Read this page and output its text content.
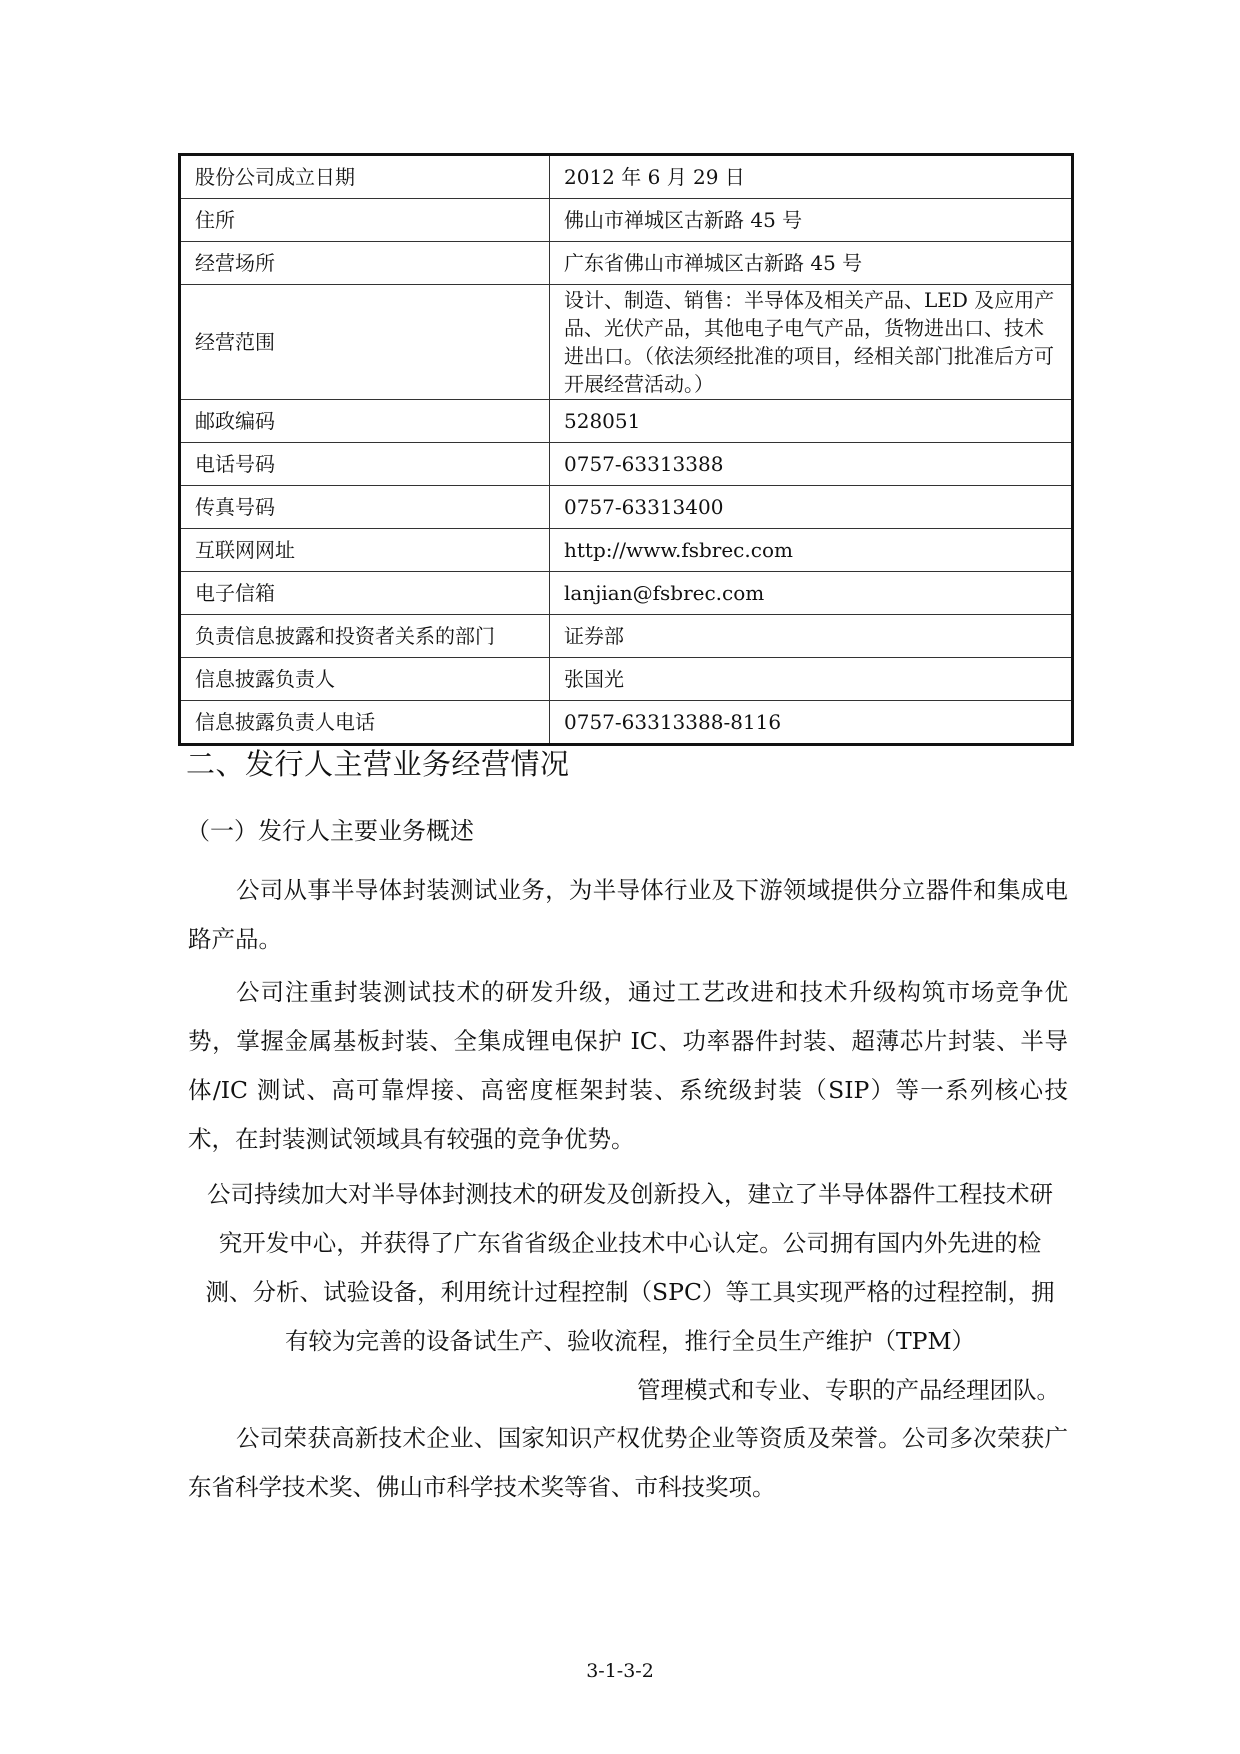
股份公司成立日期	2012 年 6 月 29 日
住所	佛山市禅城区古新路 45 号
经营场所	广东省佛山市禅城区古新路 45 号
经营范围	设计、制造、销售：半导体及相关产品、LED 及应用产品、光伏产品，其他电子电气产品，货物进出口、技术进出口。（依法须经批准的项目，经相关部门批准后方可开展经营活动。）
邮政编码	528051
电话号码	0757-63313388
传真号码	0757-63313400
互联网网址	http://www.fsbrec.com
电子信箱	lanjian@fsbrec.com
负责信息披露和投资者关系的部门	证券部
信息披露负责人	张国光
信息披露负责人电话	0757-63313388-8116
二、发行人主营业务经营情况
（一）发行人主要业务概述

公司从事半导体封装测试业务，为半导体行业及下游领域提供分立器件和集成电路产品。

公司注重封装测试技术的研发升级，通过工艺改进和技术升级构筑市场竞争优势，掌握金属基板封装、全集成锂电保护 IC、功率器件封装、超薄芯片封装、半导体/IC 测试、高可靠焊接、高密度框架封装、系统级封装（SIP）等一系列核心技术，在封装测试领域具有较强的竞争优势。

公司持续加大对半导体封测技术的研发及创新投入，建立了半导体器件工程技术研究开发中心，并获得了广东省省级企业技术中心认定。公司拥有国内外先进的检测、分析、试验设备，利用统计过程控制（SPC）等工具实现严格的过程控制，拥有较为完善的设备试生产、验收流程，推行全员生产维护（TPM）
管理模式和专业、专职的产品经理团队。

公司荣获高新技术企业、国家知识产权优势企业等资质及荣誉。公司多次荣获广东省科学技术奖、佛山市科学技术奖等省、市科技奖项。

3-1-3-2
